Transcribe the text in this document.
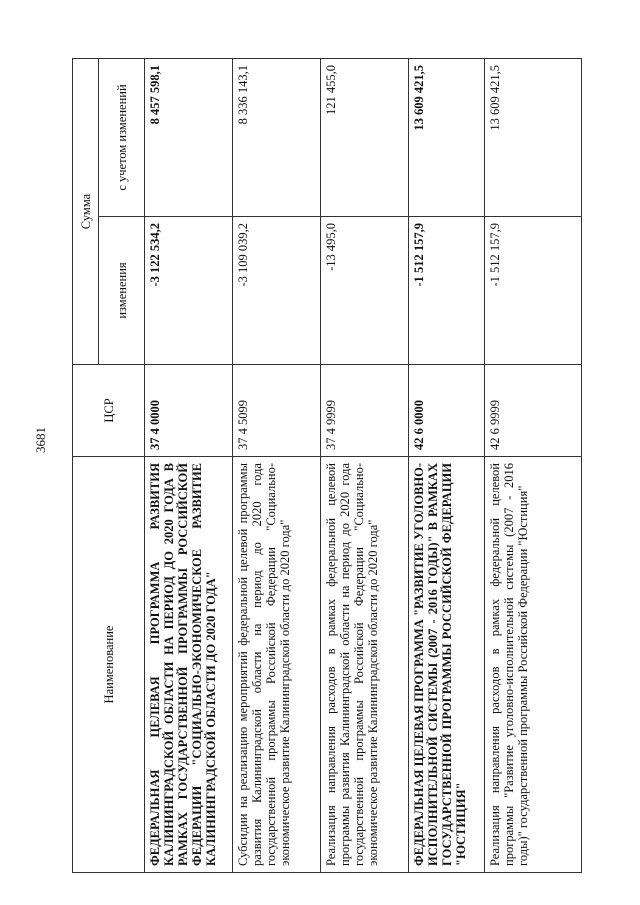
3681
Наименование	ЦСР	Сумма	
		изменения	с учетом изменений
ФЕДЕРАЛЬНАЯ ЦЕЛЕВАЯ ПРОГРАММА РАЗВИТИЯ КАЛИНИНГРАДСКОЙ ОБЛАСТИ НА ПЕРИОД ДО 2020 ГОДА В РАМКАХ ГОСУДАРСТВЕННОЙ ПРОГРАММЫ РОССИЙСКОЙ ФЕДЕРАЦИИ "СОЦИАЛЬНО-ЭКОНОМИЧЕСКОЕ РАЗВИТИЕ КАЛИНИНГРАДСКОЙ ОБЛАСТИ ДО 2020 ГОДА"	37 4 0000	-3 122 534,2	8 457 598,1
Субсидии на реализацию мероприятий федеральной целевой программы развития Калининградской области на период до 2020 года государственной программы Российской Федерации "Социально-экономическое развитие Калининградской области до 2020 года"	37 4 5099	-3 109 039,2	8 336 143,1
Реализация направления расходов в рамках федеральной целевой программы развития Калининградской области на период до 2020 года государственной программы Российской Федерации "Социально-экономическое развитие Калининградской области до 2020 года"	37 4 9999	-13 495,0	121 455,0
ФЕДЕРАЛЬНАЯ ЦЕЛЕВАЯ ПРОГРАММА "РАЗВИТИЕ УГОЛОВНО-ИСПОЛНИТЕЛЬНОЙ СИСТЕМЫ (2007 - 2016 ГОДЫ)" В РАМКАХ ГОСУДАРСТВЕННОЙ ПРОГРАММЫ РОССИЙСКОЙ ФЕДЕРАЦИИ "ЮСТИЦИЯ"	42 6 0000	-1 512 157,9	13 609 421,5
Реализация направления расходов в рамках федеральной целевой программы "Развитие уголовно-исполнительной системы (2007 - 2016 годы)" государственной программы Российской Федерации "Юстиция"	42 6 9999	-1 512 157,9	13 609 421,5
